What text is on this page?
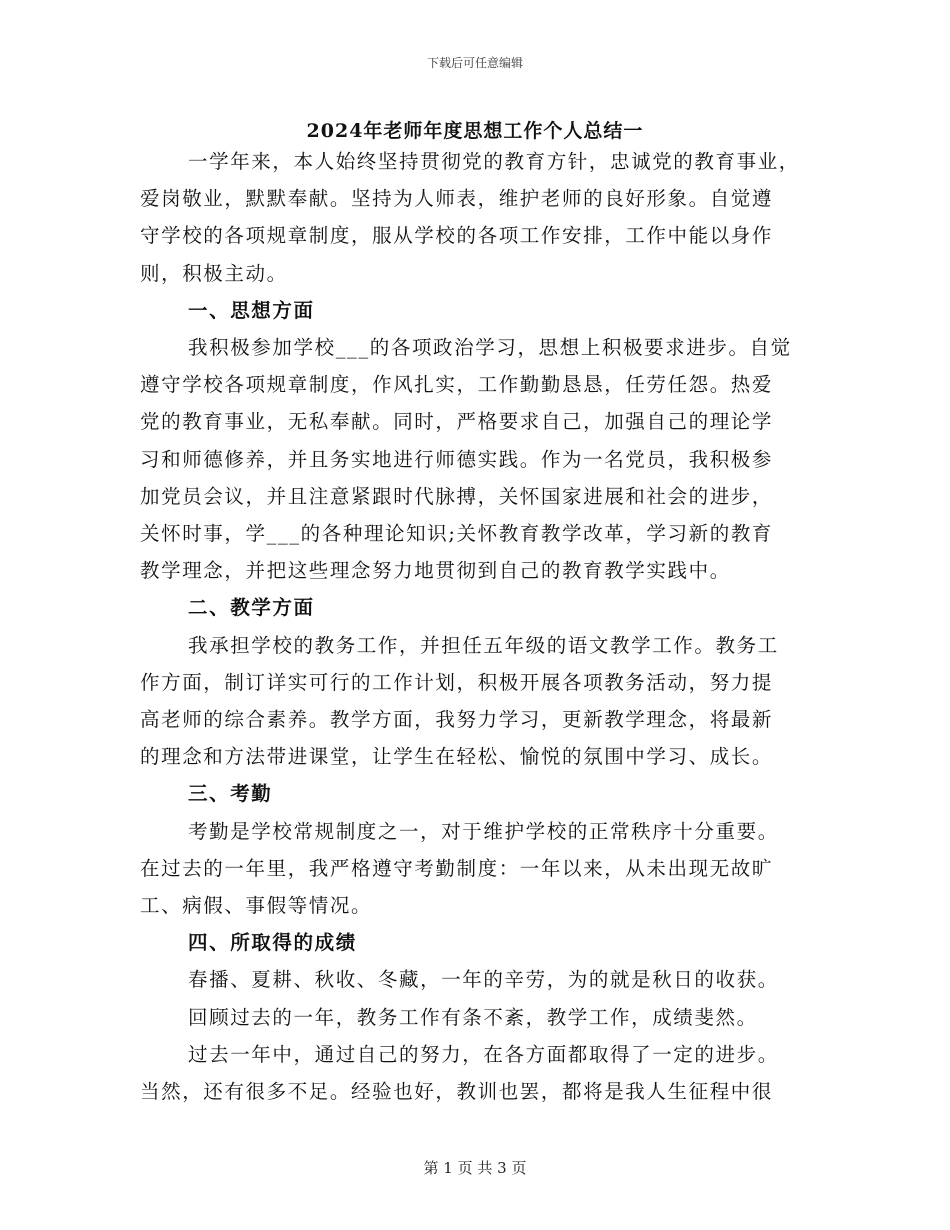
下载后可任意编辑
2024年老师年度思想工作个人总结一
一学年来，本人始终坚持贯彻党的教育方针，忠诚党的教育事业，
爱岗敬业，默默奉献。坚持为人师表，维护老师的良好形象。自觉遵
守学校的各项规章制度，服从学校的各项工作安排，工作中能以身作
则，积极主动。
一、思想方面
我积极参加学校___的各项政治学习，思想上积极要求进步。自觉
遵守学校各项规章制度，作风扎实，工作勤勤恳恳，任劳任怨。热爱
党的教育事业，无私奉献。同时，严格要求自己，加强自己的理论学
习和师德修养，并且务实地进行师德实践。作为一名党员，我积极参
加党员会议，并且注意紧跟时代脉搏，关怀国家进展和社会的进步，
关怀时事，学___的各种理论知识;关怀教育教学改革，学习新的教育
教学理念，并把这些理念努力地贯彻到自己的教育教学实践中。
二、教学方面
我承担学校的教务工作，并担任五年级的语文教学工作。教务工
作方面，制订详实可行的工作计划，积极开展各项教务活动，努力提
高老师的综合素养。教学方面，我努力学习，更新教学理念，将最新
的理念和方法带进课堂，让学生在轻松、愉悦的氛围中学习、成长。
三、考勤
考勤是学校常规制度之一，对于维护学校的正常秩序十分重要。
在过去的一年里，我严格遵守考勤制度：一年以来，从未出现无故旷
工、病假、事假等情况。
四、所取得的成绩
春播、夏耕、秋收、冬藏，一年的辛劳，为的就是秋日的收获。
回顾过去的一年，教务工作有条不紊，教学工作，成绩斐然。
过去一年中，通过自己的努力，在各方面都取得了一定的进步。
当然，还有很多不足。经验也好，教训也罢，都将是我人生征程中很
第 1 页 共 3 页
